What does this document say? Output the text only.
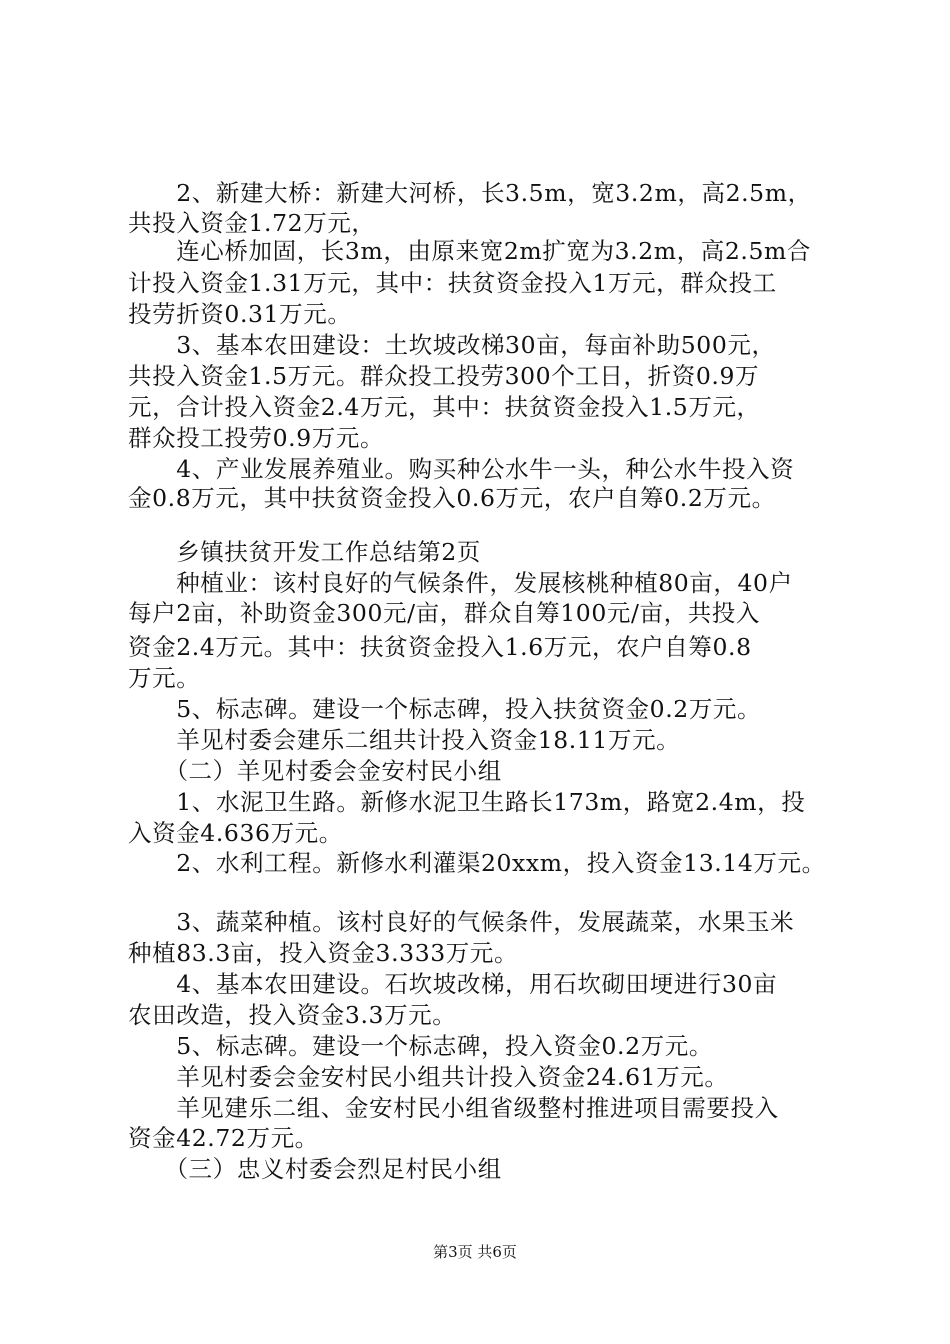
　　2、新建大桥：新建大河桥，长3.5m，宽3.2m，高2.5m，
共投入资金1.72万元，
　　连心桥加固，长3m，由原来宽2m扩宽为3.2m，高2.5m合
计投入资金1.31万元，其中：扶贫资金投入1万元，群众投工
投劳折资0.31万元。
　　3、基本农田建设：土坎坡改梯30亩，每亩补助500元，
共投入资金1.5万元。群众投工投劳300个工日，折资0.9万
元，合计投入资金2.4万元，其中：扶贫资金投入1.5万元，
群众投工投劳0.9万元。
　　4、产业发展养殖业。购买种公水牛一头，种公水牛投入资
金0.8万元，其中扶贫资金投入0.6万元，农户自筹0.2万元。
　　乡镇扶贫开发工作总结第2页
　　种植业：该村良好的气候条件，发展核桃种植80亩，40户
每户2亩，补助资金300元/亩，群众自筹100元/亩，共投入
资金2.4万元。其中：扶贫资金投入1.6万元，农户自筹0.8
万元。
　　5、标志碑。建设一个标志碑，投入扶贫资金0.2万元。
　　羊见村委会建乐二组共计投入资金18.11万元。
　　（二）羊见村委会金安村民小组
　　1、水泥卫生路。新修水泥卫生路长173m，路宽2.4m，投
入资金4.636万元。
　　2、水利工程。新修水利灌渠20xxm，投入资金13.14万元。
　　3、蔬菜种植。该村良好的气候条件，发展蔬菜，水果玉米
种植83.3亩，投入资金3.333万元。
　　4、基本农田建设。石坎坡改梯，用石坎砌田埂进行30亩
农田改造，投入资金3.3万元。
　　5、标志碑。建设一个标志碑，投入资金0.2万元。
　　羊见村委会金安村民小组共计投入资金24.61万元。
　　羊见建乐二组、金安村民小组省级整村推进项目需要投入
资金42.72万元。
　　（三）忠义村委会烈足村民小组
第3页 共6页
